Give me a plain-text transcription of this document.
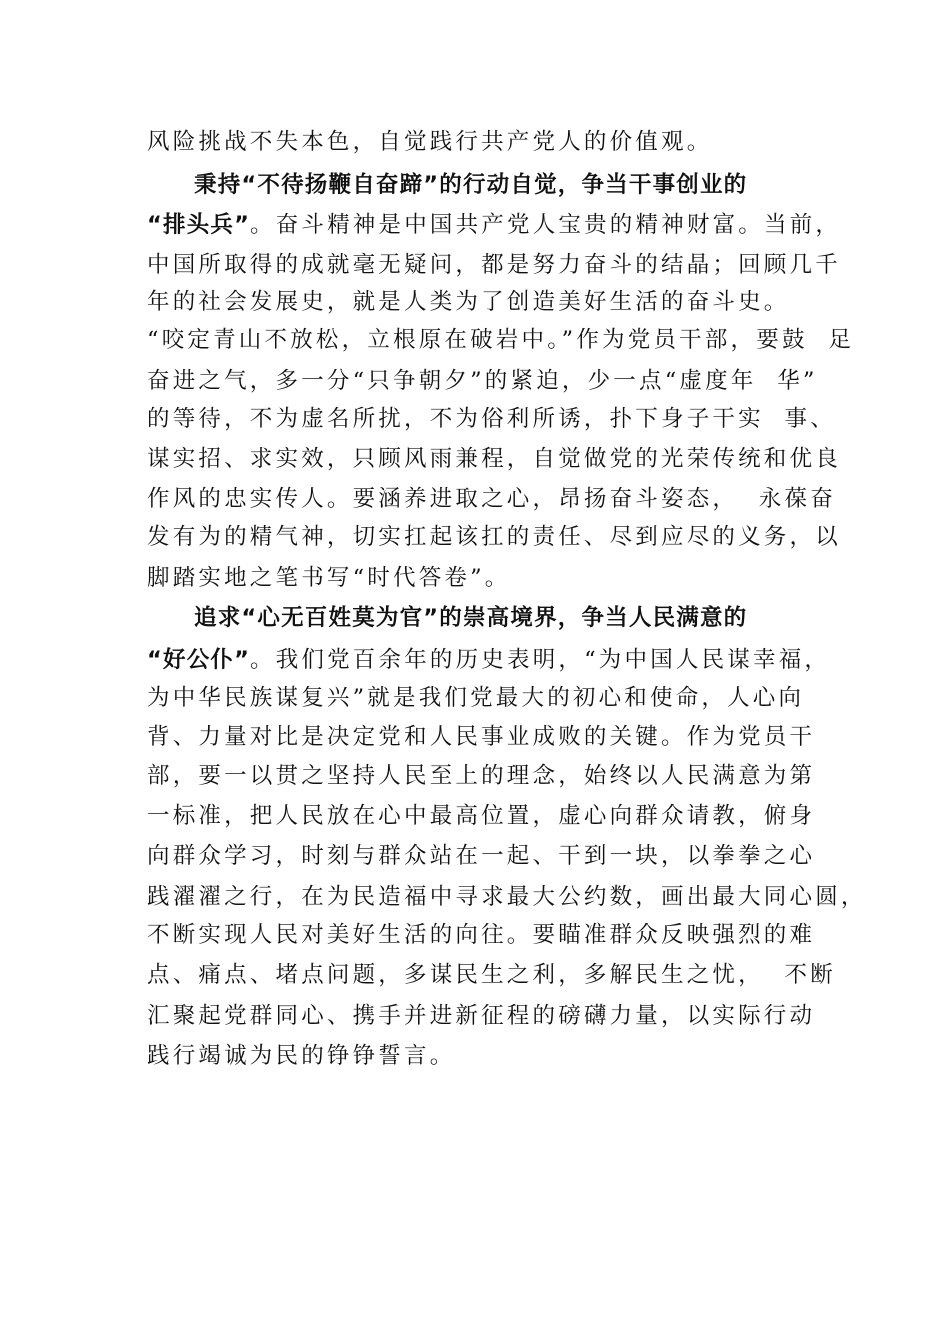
风险挑战不失本色，自觉践行共产党人的价值观。
秉持“不待扬鞭自奋蹄”的行动自觉，争当干事创业的
“排头兵” 。奋斗精神是中国共产党人宝贵的精神财富。当前，
中国所取得的成就毫无疑问，都是努力奋斗的结晶；回顾几千
年的社会发展史，就是人类为了创造美好生活的奋斗史。
“咬定青山不放松，立根原在破岩中。”作为党员干部，要鼓  足
奋进之气，多一分“只争朝夕”的紧迫，少一点“虚度年  华”
的等待，不为虚名所扰，不为俗利所诱，扑下身子干实  事、
谋实招、求实效，只顾风雨兼程，自觉做党的光荣传统和优良
作风的忠实传人。要涵养进取之心，昂扬奋斗姿态，  永葆奋
发有为的精气神，切实扛起该扛的责任、尽到应尽的义务，以
脚踏实地之笔书写“时代答卷”。
追求“心无百姓莫为官”的崇高境界，争当人民满意的
“好公仆” 。我们党百余年的历史表明，“为中国人民谋幸福，
为中华民族谋复兴”就是我们党最大的初心和使命，人心向
背、力量对比是决定党和人民事业成败的关键。作为党员干
部，要一以贯之坚持人民至上的理念，始终以人民满意为第
一标准，把人民放在心中最高位置，虚心向群众请教，俯身
向群众学习，时刻与群众站在一起、干到一块，以拳拳之心
践濯濯之行，在为民造福中寻求最大公约数，画出最大同心圆，
不断实现人民对美好生活的向往。要瞄准群众反映强烈的难
点、痛点、堵点问题，多谋民生之利，多解民生之忧，  不断
汇聚起党群同心、携手并进新征程的磅礴力量，以实际行动
践行竭诚为民的铮铮誓言。
